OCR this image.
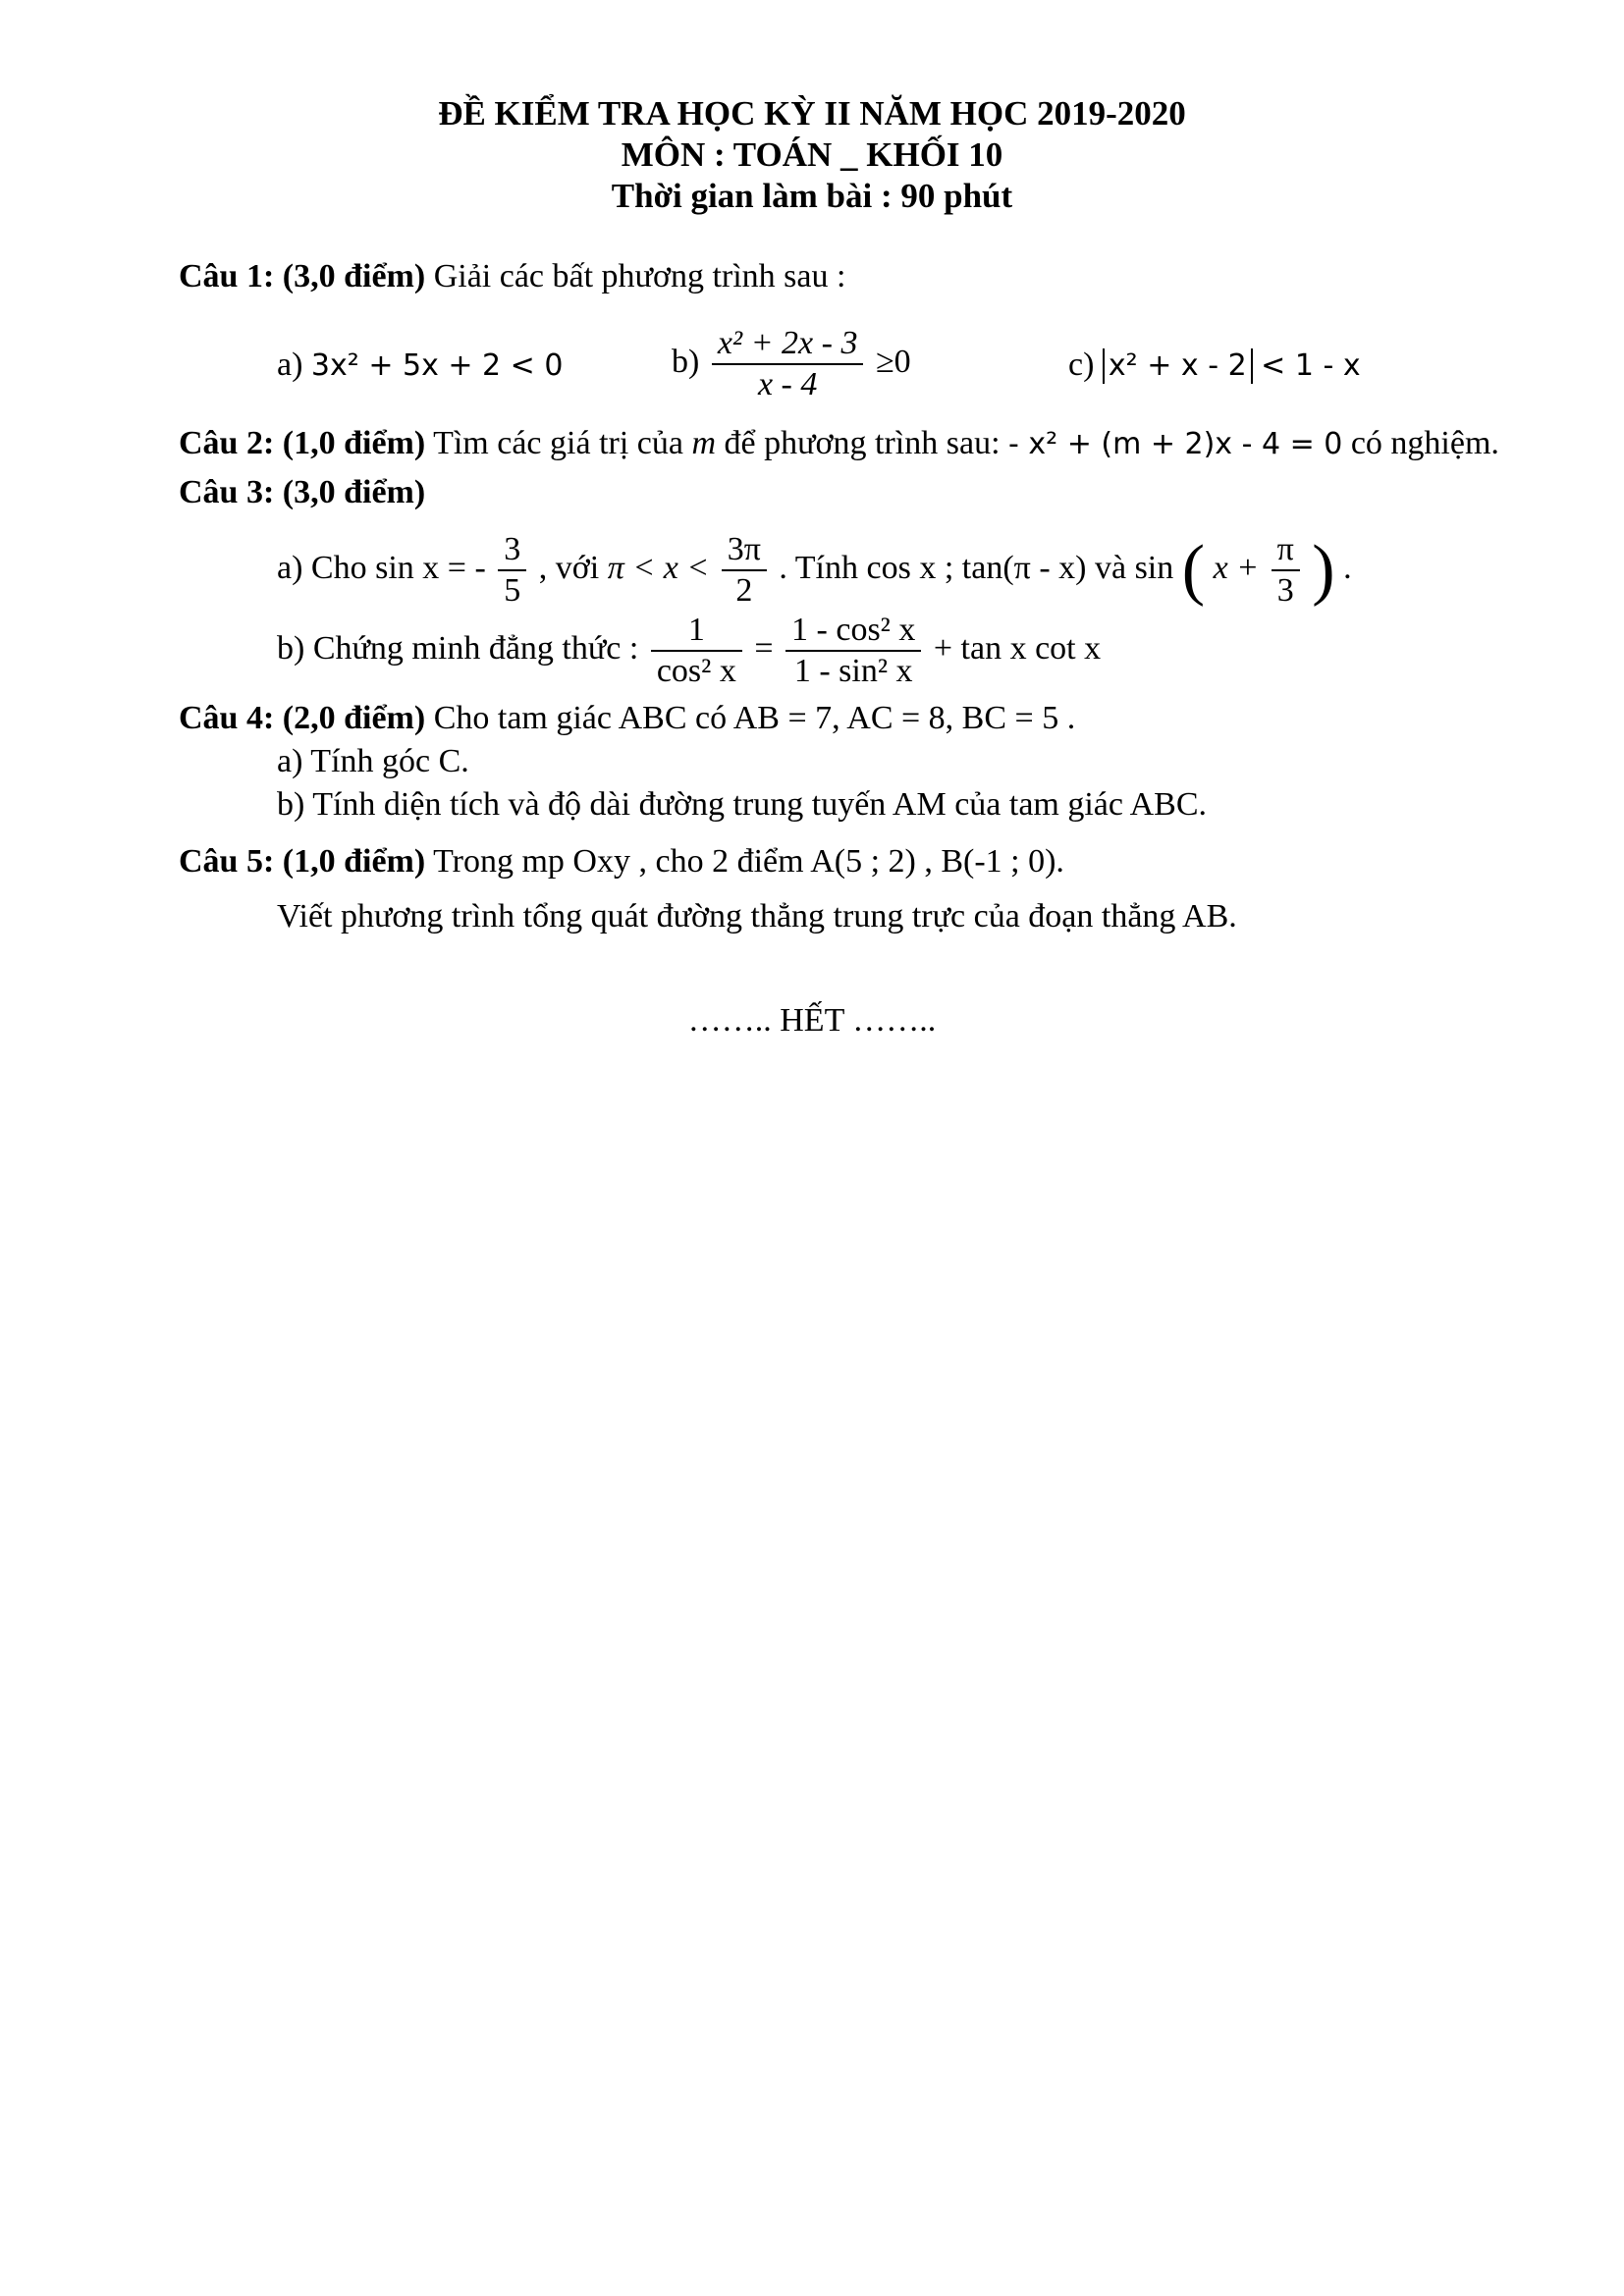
ĐỀ KIỂM TRA HỌC KỲ II NĂM HỌC 2019-2020
MÔN : TOÁN _ KHỐI 10
Thời gian làm bài : 90 phút
Câu 1: (3,0 điểm) Giải các bất phương trình sau :
a) 3x² + 5x + 2 < 0	$b) \frac{\text{x² + 2x - 3}}{x - 4} \ge 0$	c) x² + x - 2 < 1 - x
Câu 2: (1,0 điểm) Tìm các giá trị của m để phương trình sau: - x² + (m + 2)x - 4 = 0 có nghiệm.
Câu 3: (3,0 điểm)
a) Cho sin x = - $\frac{3}{5}$ , với $\pi < x < \frac{3\pi}{2}$ . Tính cos x ; tan(π - x) và sin ( $x + \frac{\pi}{3}$ ) .
b) Chứng minh đẳng thức : $\frac{1}{\text{cos² x}} = \frac{\text{1 - cos² x}}{\text{1 - sin² x}} + \tan x$ cot x
Câu 4: (2,0 điểm) Cho tam giác ABC có AB = 7, AC = 8, BC = 5 .
a) Tính góc C.
b) Tính diện tích và độ dài đường trung tuyến AM của tam giác ABC.
Câu 5: (1,0 điểm) Trong mp Oxy , cho 2 điểm A(5 ; 2) , B(-1 ; 0).
Viết phương trình tổng quát đường thẳng trung trực của đoạn thẳng AB.
…….. HẾT ……..
